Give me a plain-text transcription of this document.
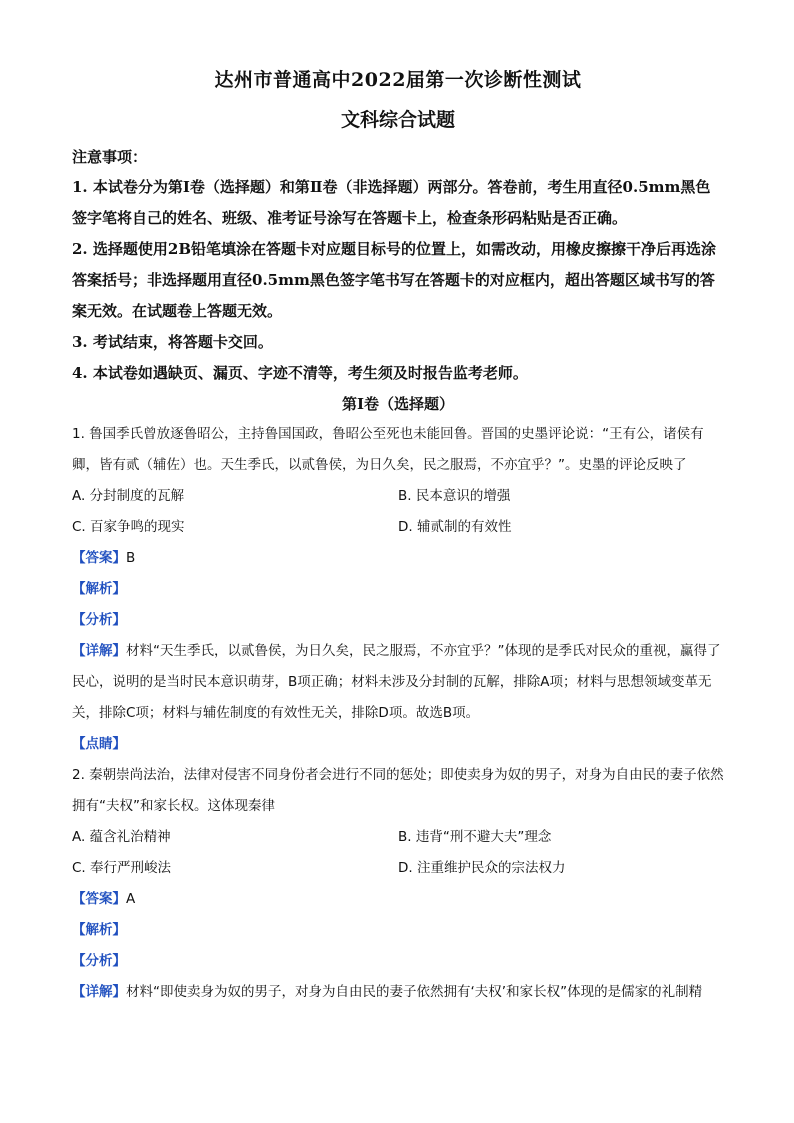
达州市普通高中2022届第一次诊断性测试

文科综合试题

注意事项：

1. 本试卷分为第Ⅰ卷（选择题）和第Ⅱ卷（非选择题）两部分。答卷前，考生用直径0.5mm黑色签字笔将自己的姓名、班级、准考证号涂写在答题卡上，检查条形码粘贴是否正确。

2. 选择题使用2B铅笔填涂在答题卡对应题目标号的位置上，如需改动，用橡皮擦擦干净后再选涂答案括号；非选择题用直径0.5mm黑色签字笔书写在答题卡的对应框内，超出答题区域书写的答案无效。在试题卷上答题无效。

3. 考试结束，将答题卡交回。

4. 本试卷如遇缺页、漏页、字迹不清等，考生须及时报告监考老师。

第Ⅰ卷（选择题）

1. 鲁国季氏曾放逐鲁昭公，主持鲁国国政，鲁昭公至死也未能回鲁。晋国的史墨评论说：“王有公，诸侯有卿，皆有贰（辅佐）也。天生季氏，以贰鲁侯，为日久矣，民之服焉，不亦宜乎？”。史墨的评论反映了

A. 分封制度的瓦解	B. 民本意识的增强
C. 百家争鸣的现实	D. 辅贰制的有效性

【答案】B

【解析】

【分析】

【详解】材料“天生季氏，以贰鲁侯，为日久矣，民之服焉，不亦宜乎？”体现的是季氏对民众的重视，赢得了民心，说明的是当时民本意识萌芽，B项正确；材料未涉及分封制的瓦解，排除A项；材料与思想领域变革无关，排除C项；材料与辅佐制度的有效性无关，排除D项。故选B项。

【点睛】

2. 秦朝崇尚法治，法律对侵害不同身份者会进行不同的惩处；即使卖身为奴的男子，对身为自由民的妻子依然拥有“夫权”和家长权。这体现秦律

A. 蕴含礼治精神	B. 违背“刑不避大夫”理念
C. 奉行严刑峻法	D. 注重维护民众的宗法权力

【答案】A

【解析】

【分析】

【详解】材料“即使卖身为奴的男子，对身为自由民的妻子依然拥有‘夫权’和家长权”体现的是儒家的礼制精
